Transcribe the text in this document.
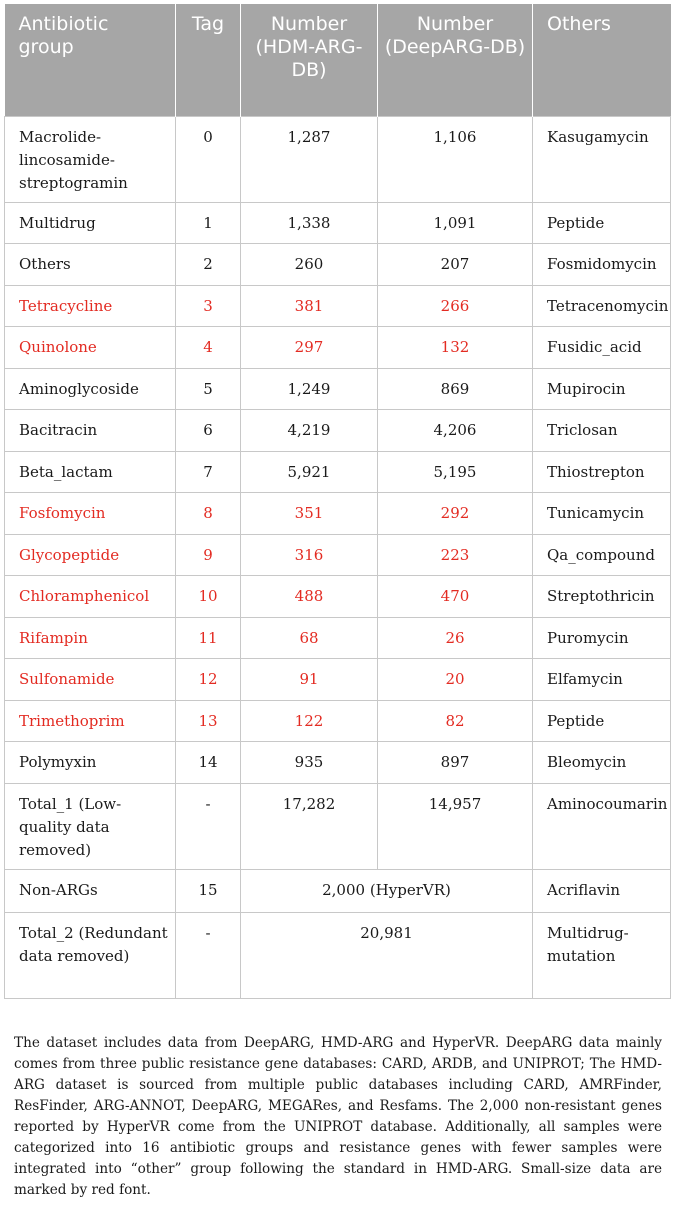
Antibiotic group	Tag	Number (HDM-ARG-DB)	Number (DeepARG-DB)	Others
Macrolide-lincosamide-streptogramin	0	1,287	1,106	Kasugamycin
Multidrug	1	1,338	1,091	Peptide
Others	2	260	207	Fosmidomycin
Tetracycline	3	381	266	Tetracenomycin
Quinolone	4	297	132	Fusidic_acid
Aminoglycoside	5	1,249	869	Mupirocin
Bacitracin	6	4,219	4,206	Triclosan
Beta_lactam	7	5,921	5,195	Thiostrepton
Fosfomycin	8	351	292	Tunicamycin
Glycopeptide	9	316	223	Qa_compound
Chloramphenicol	10	488	470	Streptothricin
Rifampin	11	68	26	Puromycin
Sulfonamide	12	91	20	Elfamycin
Trimethoprim	13	122	82	Peptide
Polymyxin	14	935	897	Bleomycin
Total_1 (Low-quality data removed)	-	17,282	14,957	Aminocoumarin
Non-ARGs	15	2,000 (HyperVR)		Acriflavin
Total_2 (Redundant data removed)	-	20,981		Multidrug-mutation

The dataset includes data from DeepARG, HMD-ARG and HyperVR. DeepARG data mainly comes from three public resistance gene databases: CARD, ARDB, and UNIPROT; The HMD-ARG dataset is sourced from multiple public databases including CARD, AMRFinder, ResFinder, ARG-ANNOT, DeepARG, MEGARes, and Resfams. The 2,000 non-resistant genes reported by HyperVR come from the UNIPROT database. Additionally, all samples were categorized into 16 antibiotic groups and resistance genes with fewer samples were integrated into “other” group following the standard in HMD-ARG. Small-size data are marked by red font.
